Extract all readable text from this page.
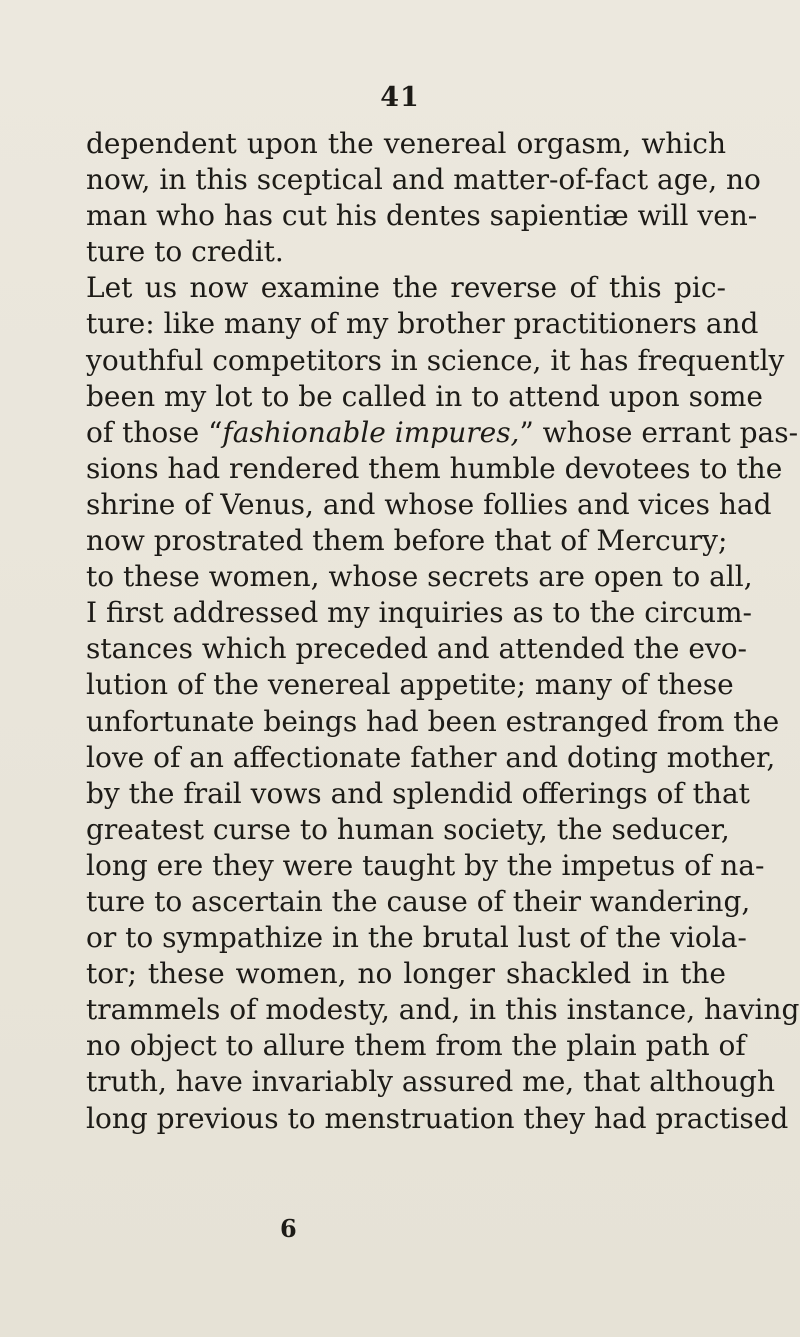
41
dependent upon the venereal orgasm, which
now, in this sceptical and matter-of-fact age, no
man who has cut his dentes sapientiæ will ven-
ture to credit.
Let us now examine the reverse of this pic-
ture: like many of my brother practitioners and
youthful competitors in science, it has frequently
been my lot to be called in to attend upon some
of those “fashionable impures,” whose errant pas-
sions had rendered them humble devotees to the
shrine of Venus, and whose follies and vices had
now prostrated them before that of Mercury;
to these women, whose secrets are open to all,
I first addressed my inquiries as to the circum-
stances which preceded and attended the evo-
lution of the venereal appetite; many of these
unfortunate beings had been estranged from the
love of an affectionate father and doting mother,
by the frail vows and splendid offerings of that
greatest curse to human society, the seducer,
long ere they were taught by the impetus of na-
ture to ascertain the cause of their wandering,
or to sympathize in the brutal lust of the viola-
tor; these women, no longer shackled in the
trammels of modesty, and, in this instance, having
no object to allure them from the plain path of
truth, have invariably assured me, that although
long previous to menstruation they had practised
6
